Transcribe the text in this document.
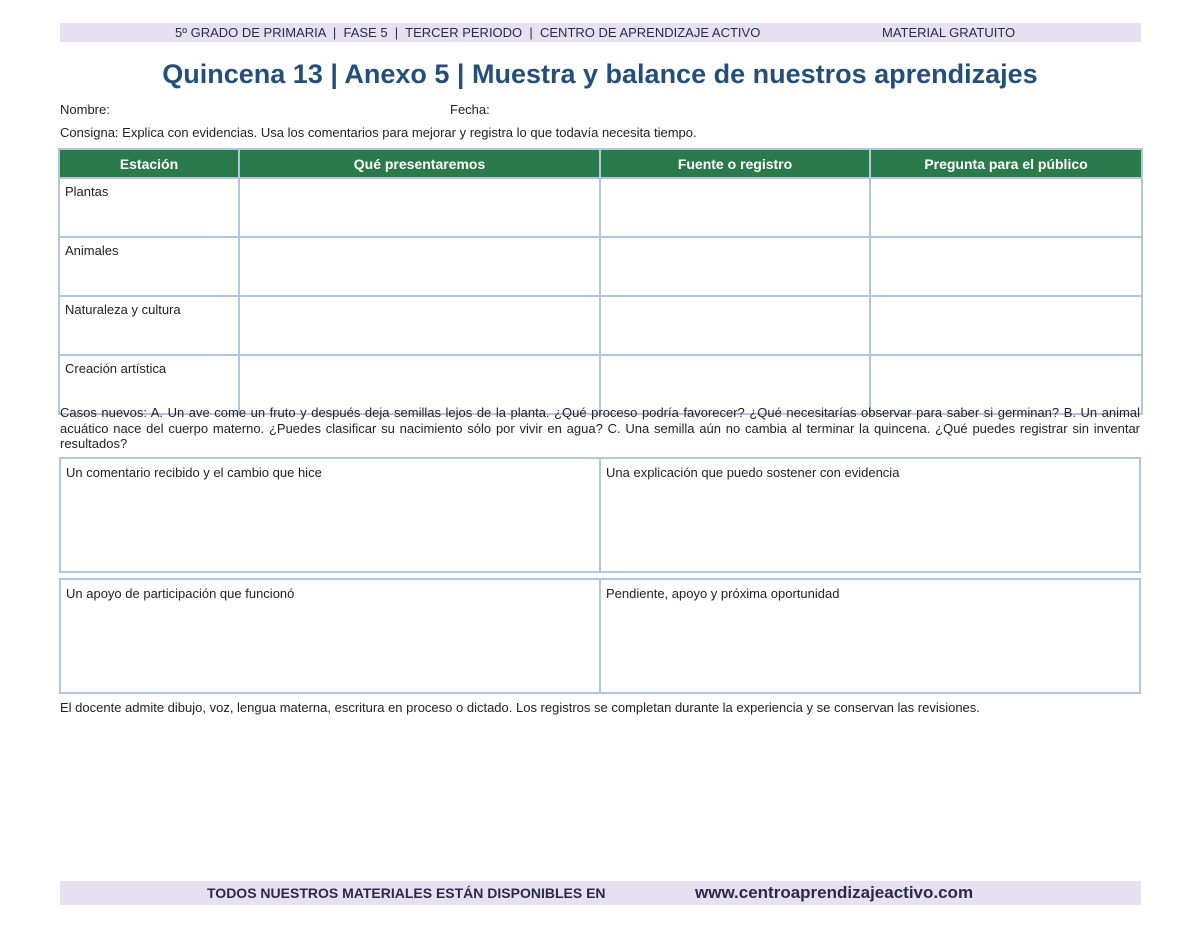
5º GRADO DE PRIMARIA  |  FASE 5  |  TERCER PERIODO  |  CENTRO DE APRENDIZAJE ACTIVO	MATERIAL GRATUITO
Quincena 13 | Anexo 5 | Muestra y balance de nuestros aprendizajes
Nombre:	Fecha:
Consigna: Explica con evidencias. Usa los comentarios para mejorar y registra lo que todavía necesita tiempo.
Estación	Qué presentaremos	Fuente o registro	Pregunta para el público
Plantas			
Animales			
Naturaleza y cultura			
Creación artística			
Casos nuevos: A. Un ave come un fruto y después deja semillas lejos de la planta. ¿Qué proceso podría favorecer? ¿Qué necesitarías observar para saber si germinan? B. Un animal acuático nace del cuerpo materno. ¿Puedes clasificar su nacimiento sólo por vivir en agua? C. Una semilla aún no cambia al terminar la quincena. ¿Qué puedes registrar sin inventar resultados?
Un comentario recibido y el cambio que hice	Una explicación que puedo sostener con evidencia
Un apoyo de participación que funcionó	Pendiente, apoyo y próxima oportunidad
El docente admite dibujo, voz, lengua materna, escritura en proceso o dictado. Los registros se completan durante la experiencia y se conservan las revisiones.
TODOS NUESTROS MATERIALES ESTÁN DISPONIBLES EN	www.centroaprendizajeactivo.com
